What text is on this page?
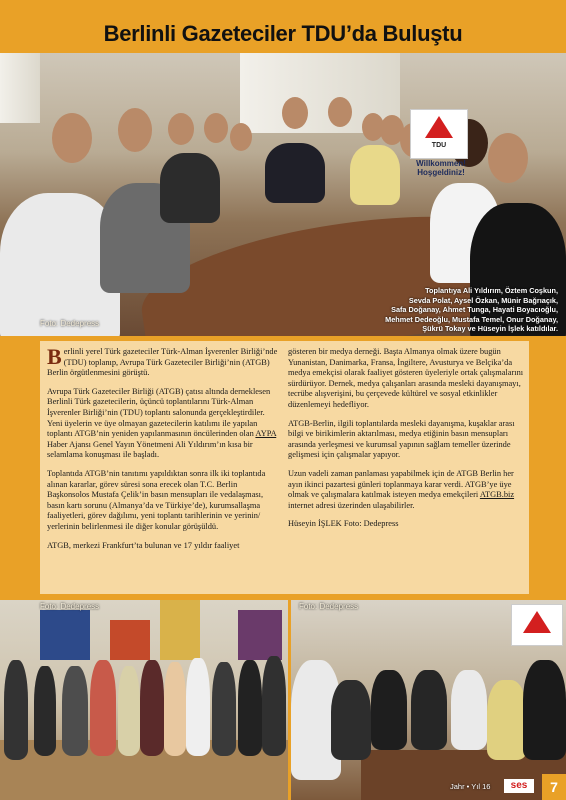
Berlinli Gazeteciler TDU’da Buluştu
TDU
Willkommen!
Hoşgeldiniz!
Foto: Dedepress
Toplantıya Ali Yıldırım, Öztem Coşkun,
Sevda Polat, Aysel Özkan, Münir Bağrıaçık,
Safa Doğanay, Ahmet Tunga, Hayati Boyacıoğlu,
Mehmet Dedeoğlu, Mustafa Temel, Onur Doğanay,
Şükrü Tokay ve Hüseyin İşlek katıldılar.

Berlinli yerel Türk gazeteciler Türk-Alman İşverenler Birliği’nde (TDU) toplanıp, Avrupa Türk Gazeteciler Birliği’nin (ATGB) Berlin örgütlenmesini görüştü.

Avrupa Türk Gazeteciler Birliği (ATGB) çatısı altında derneklesen Berlinli Türk gazetecilerin, üçüncü toplantılarını Türk-Alman İşverenler Birliği’nin (TDU) toplantı salonunda gerçekleştirdiler. Yeni üyelerin ve üye olmayan gazetecilerin katılımı ile yapılan toplantı ATGB’nin yeniden yapılanmasının öncülerinden olan AYPA Haber Ajansı Genel Yayın Yönetmeni Ali Yıldırım’ın kısa bir selamlama konuşması ile başladı.

Toplantıda ATGB’nin tanıtımı yapıldıktan sonra ilk iki toplantıda alınan kararlar, görev süresi sona erecek olan T.C. Berlin Başkonsolos Mustafa Çelik’in basın mensupları ile vedalaşması, basın kartı sorunu (Almanya’da ve Türkiye’de), kurumsallaşma faaliyetleri, görev dağılımı, yeni toplantı tarihlerinin ve yerinin/ yerlerinin belirlenmesi ile diğer konular görüşüldü.

ATGB, merkezi Frankfurt’ta bulunan ve 17 yıldır faaliyet

gösteren bir medya derneği. Başta Almanya olmak üzere bugün Yunanistan, Danimarka, Fransa, İngiltere, Avusturya ve Belçika’da medya emekçisi olarak faaliyet gösteren üyeleriyle ortak çalışmalarını sürdürüyor. Dernek, medya çalışanları arasında mesleki dayanışmayı, tecrübe alışverişini, bu çerçevede kültürel ve sosyal etkinlikler düzenlemeyi hedefliyor.

ATGB-Berlin, ilgili toplantılarda mesleki dayanışma, kuşaklar arası bilgi ve birikimlerin aktarılması, medya etiğinin basın mensupları arasında yerleşmesi ve kurumsal yapının sağlam temeller üzerinde gelişmesi için çalışmalar yapıyor.

Uzun vadeli zaman panlaması yapabilmek için de ATGB Berlin her ayın ikinci pazartesi günleri toplanmaya karar verdi. ATGB’ye üye olmak ve çalışmalara katılmak isteyen medya emekçileri ATGB.biz internet adresi üzerinden ulaşabilirler.

Hüseyin İŞLEK Foto: Dedepress

Foto: Dedepress	Foto: Dedepress
Jahr • Yıl 16	ses	7
